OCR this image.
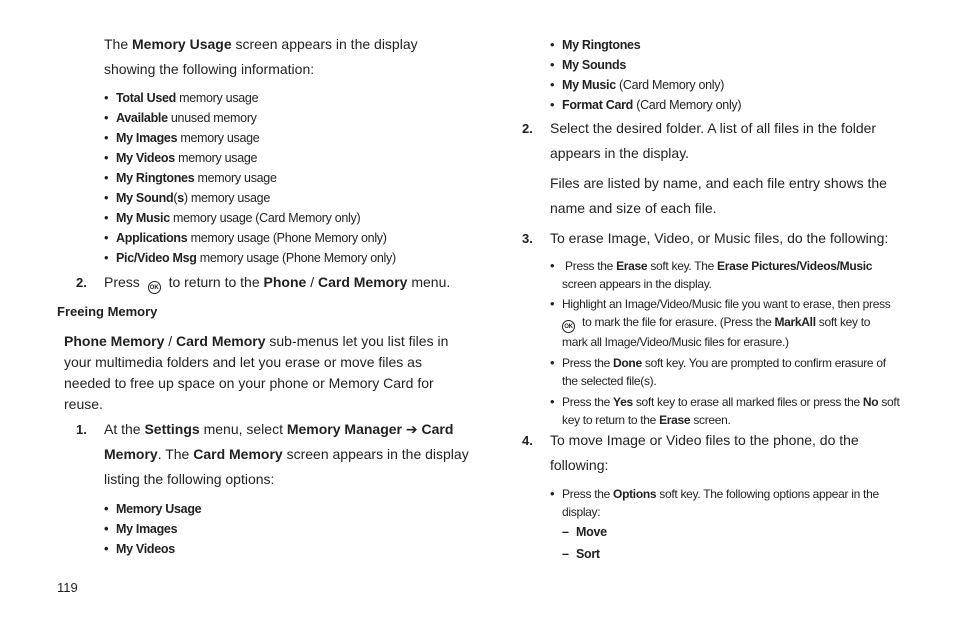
The Memory Usage screen appears in the display
showing the following information:
• Total Used memory usage
• Available unused memory
• My Images memory usage
• My Videos memory usage
• My Ringtones memory usage
• My Sound(s) memory usage
• My Music memory usage (Card Memory only)
• Applications memory usage (Phone Memory only)
• Pic/Video Msg memory usage (Phone Memory only)
2. Press OK to return to the Phone / Card Memory menu.
Freeing Memory
Phone Memory / Card Memory sub-menus let you list files in
your multimedia folders and let you erase or move files as
needed to free up space on your phone or Memory Card for
reuse.
1. At the Settings menu, select Memory Manager ➔ Card
Memory. The Card Memory screen appears in the display
listing the following options:
• Memory Usage
• My Images
• My Videos
119
• My Ringtones
• My Sounds
• My Music (Card Memory only)
• Format Card (Card Memory only)
2. Select the desired folder. A list of all files in the folder
appears in the display.
Files are listed by name, and each file entry shows the
name and size of each file.
3. To erase Image, Video, or Music files, do the following:
• Press the Erase soft key. The Erase Pictures/Videos/Music
screen appears in the display.
• Highlight an Image/Video/Music file you want to erase, then press
OK to mark the file for erasure. (Press the MarkAll soft key to
mark all Image/Video/Music files for erasure.)
• Press the Done soft key. You are prompted to confirm erasure of
the selected file(s).
• Press the Yes soft key to erase all marked files or press the No soft
key to return to the Erase screen.
4. To move Image or Video files to the phone, do the
following:
• Press the Options soft key. The following options appear in the
display:
– Move
– Sort
